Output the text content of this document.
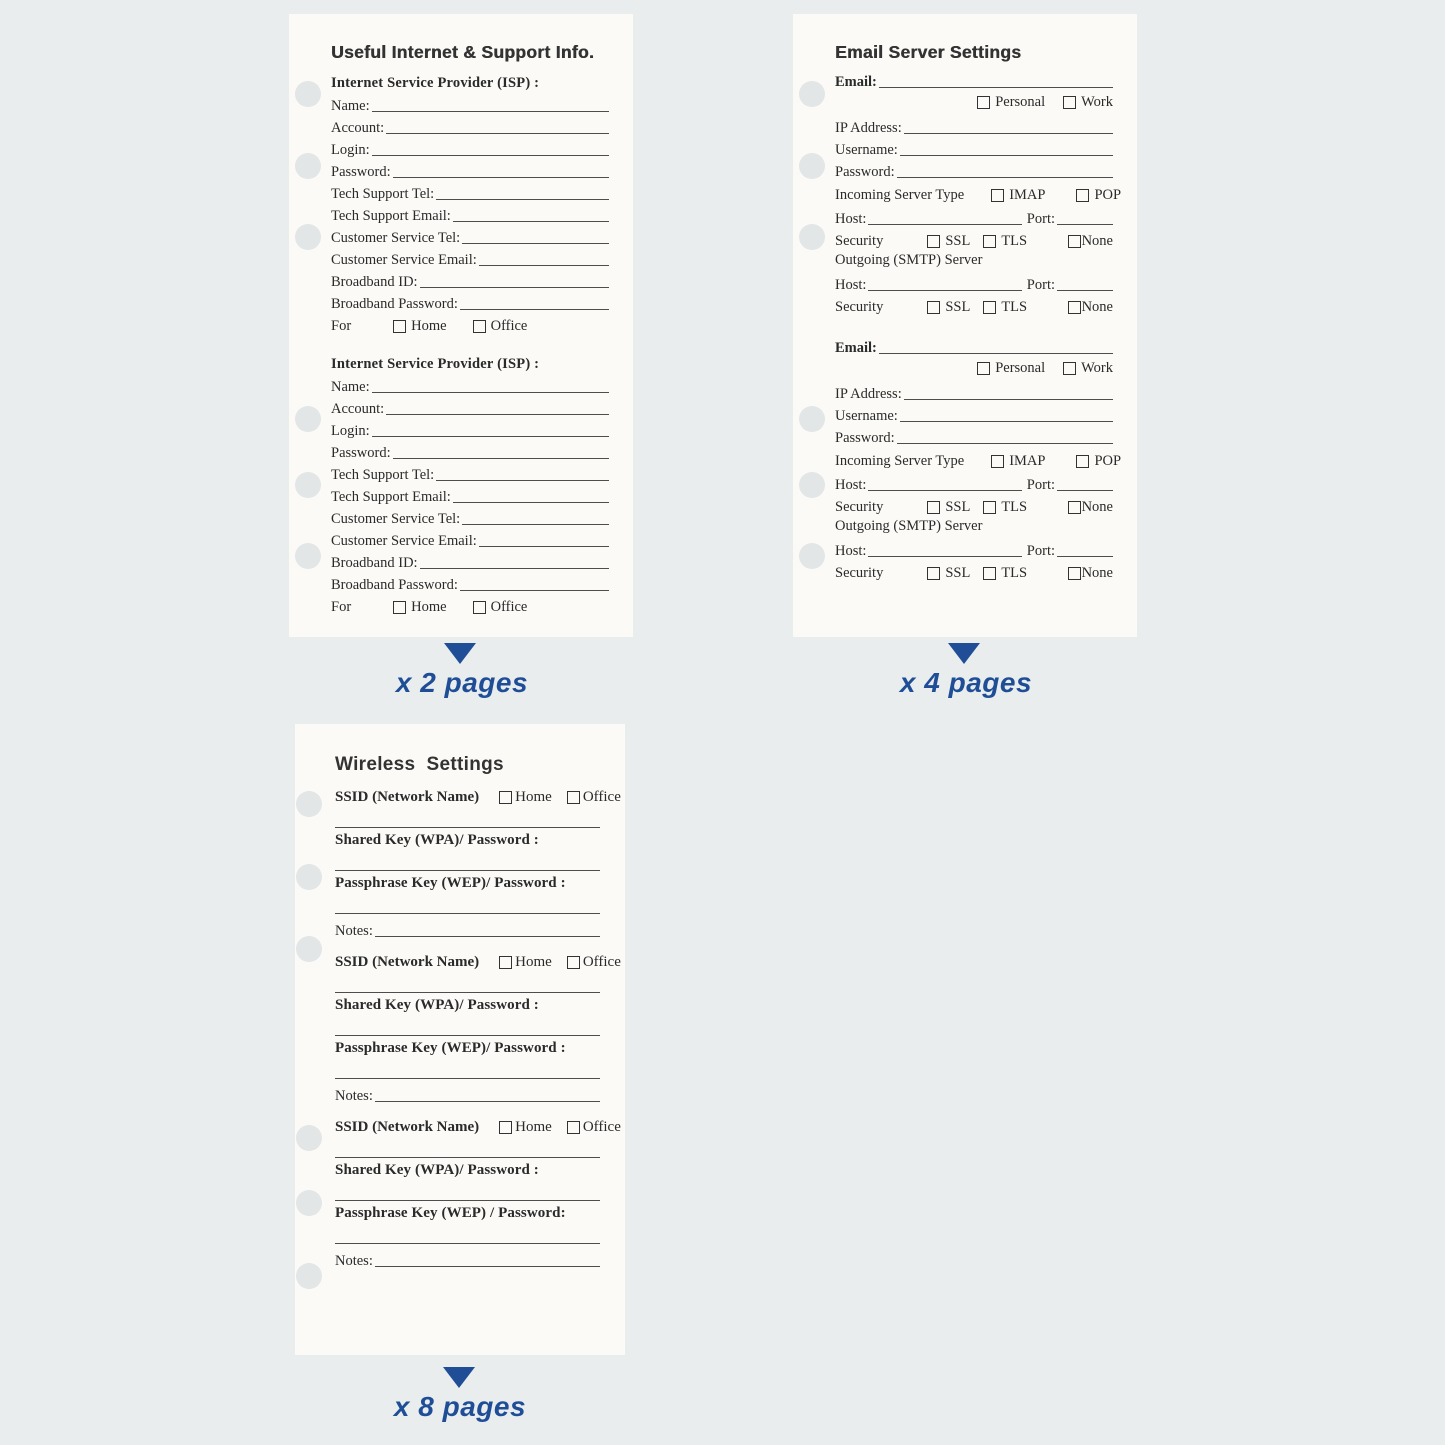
Useful Internet & Support Info.
Internet Service Provider (ISP) :
Name:
Account:
Login:
Password:
Tech Support Tel:
Tech Support Email:
Customer Service Tel:
Customer Service Email:
Broadband ID:
Broadband Password:
For	Home	Office
Internet Service Provider (ISP) :
Name:
Account:
Login:
Password:
Tech Support Tel:
Tech Support Email:
Customer Service Tel:
Customer Service Email:
Broadband ID:
Broadband Password:
For	Home	Office
Email Server Settings
Email:
Personal Work
IP Address:
Username:
Password:
Incoming Server Type	IMAP	POP
Host:	Port:
Security	SSL TLS	None
Outgoing (SMTP) Server
Host:	Port:
Security	SSL TLS	None
Email:
Personal Work
IP Address:
Username:
Password:
Incoming Server Type	IMAP	POP
Host:	Port:
Security	SSL TLS	None
Outgoing (SMTP) Server
Host:	Port:
Security	SSL TLS	None
Wireless  Settings
SSID (Network Name) Home Office
Shared Key (WPA)/ Password :
Passphrase Key (WEP)/ Password :
Notes:
SSID (Network Name) Home Office
Shared Key (WPA)/ Password :
Passphrase Key (WEP)/ Password :
Notes:
SSID (Network Name) Home Office
Shared Key (WPA)/ Password :
Passphrase Key (WEP) / Password:
Notes:
x 2 pages	x 4 pages
x 8 pages
